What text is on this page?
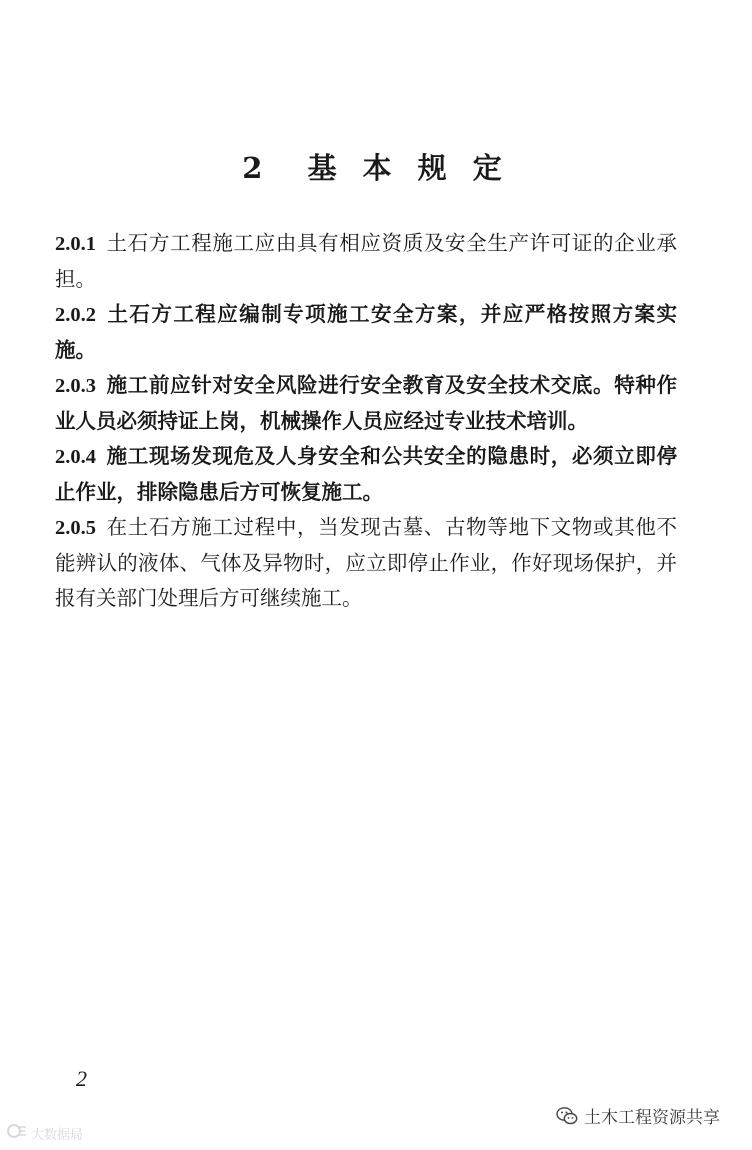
2　基 本 规 定

2.0.1 土石方工程施工应由具有相应资质及安全生产许可证的企业承担。

2.0.2 土石方工程应编制专项施工安全方案，并应严格按照方案实施。

2.0.3 施工前应针对安全风险进行安全教育及安全技术交底。特种作业人员必须持证上岗，机械操作人员应经过专业技术培训。

2.0.4 施工现场发现危及人身安全和公共安全的隐患时，必须立即停止作业，排除隐患后方可恢复施工。

2.0.5 在土石方施工过程中，当发现古墓、古物等地下文物或其他不能辨认的液体、气体及异物时，应立即停止作业，作好现场保护，并报有关部门处理后方可继续施工。

2
大数据局
土木工程资源共享
